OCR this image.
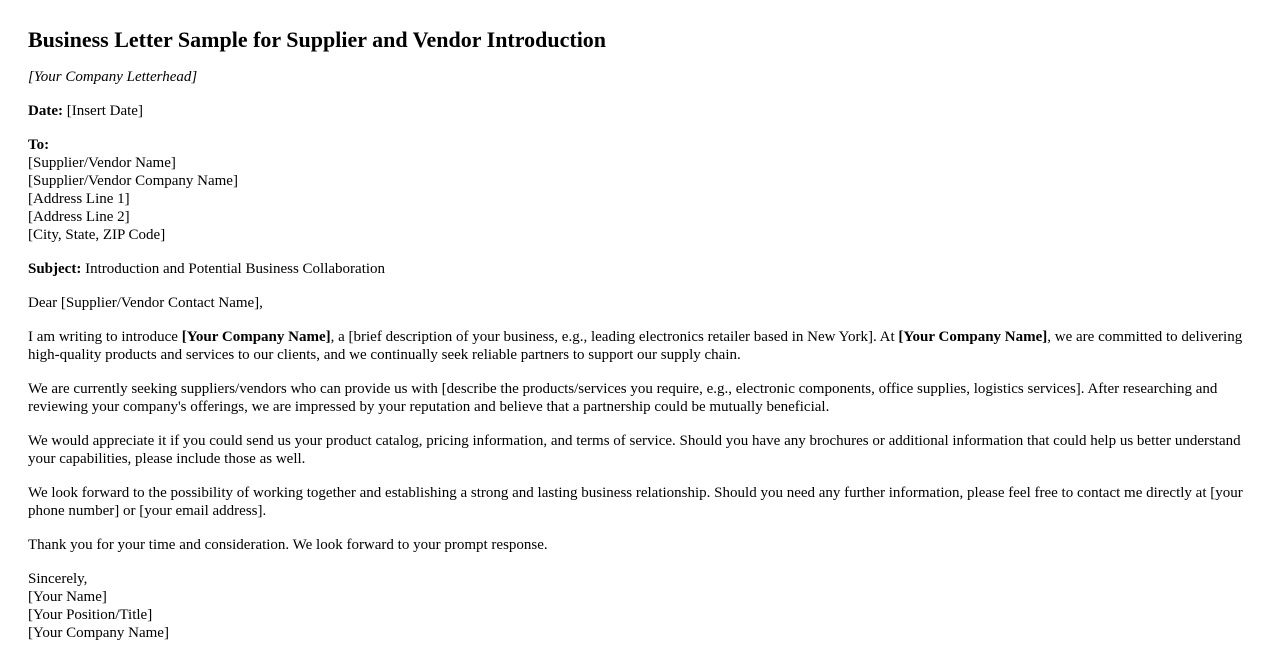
Business Letter Sample for Supplier and Vendor Introduction

[Your Company Letterhead]

Date: [Insert Date]

To:
[Supplier/Vendor Name]
[Supplier/Vendor Company Name]
[Address Line 1]
[Address Line 2]
[City, State, ZIP Code]

Subject: Introduction and Potential Business Collaboration

Dear [Supplier/Vendor Contact Name],

I am writing to introduce [Your Company Name], a [brief description of your business, e.g., leading electronics retailer based in New York]. At [Your Company Name], we are committed to delivering high-quality products and services to our clients, and we continually seek reliable partners to support our supply chain.

We are currently seeking suppliers/vendors who can provide us with [describe the products/services you require, e.g., electronic components, office supplies, logistics services]. After researching and reviewing your company's offerings, we are impressed by your reputation and believe that a partnership could be mutually beneficial.

We would appreciate it if you could send us your product catalog, pricing information, and terms of service. Should you have any brochures or additional information that could help us better understand your capabilities, please include those as well.

We look forward to the possibility of working together and establishing a strong and lasting business relationship. Should you need any further information, please feel free to contact me directly at [your phone number] or [your email address].

Thank you for your time and consideration. We look forward to your prompt response.

Sincerely,
[Your Name]
[Your Position/Title]
[Your Company Name]
